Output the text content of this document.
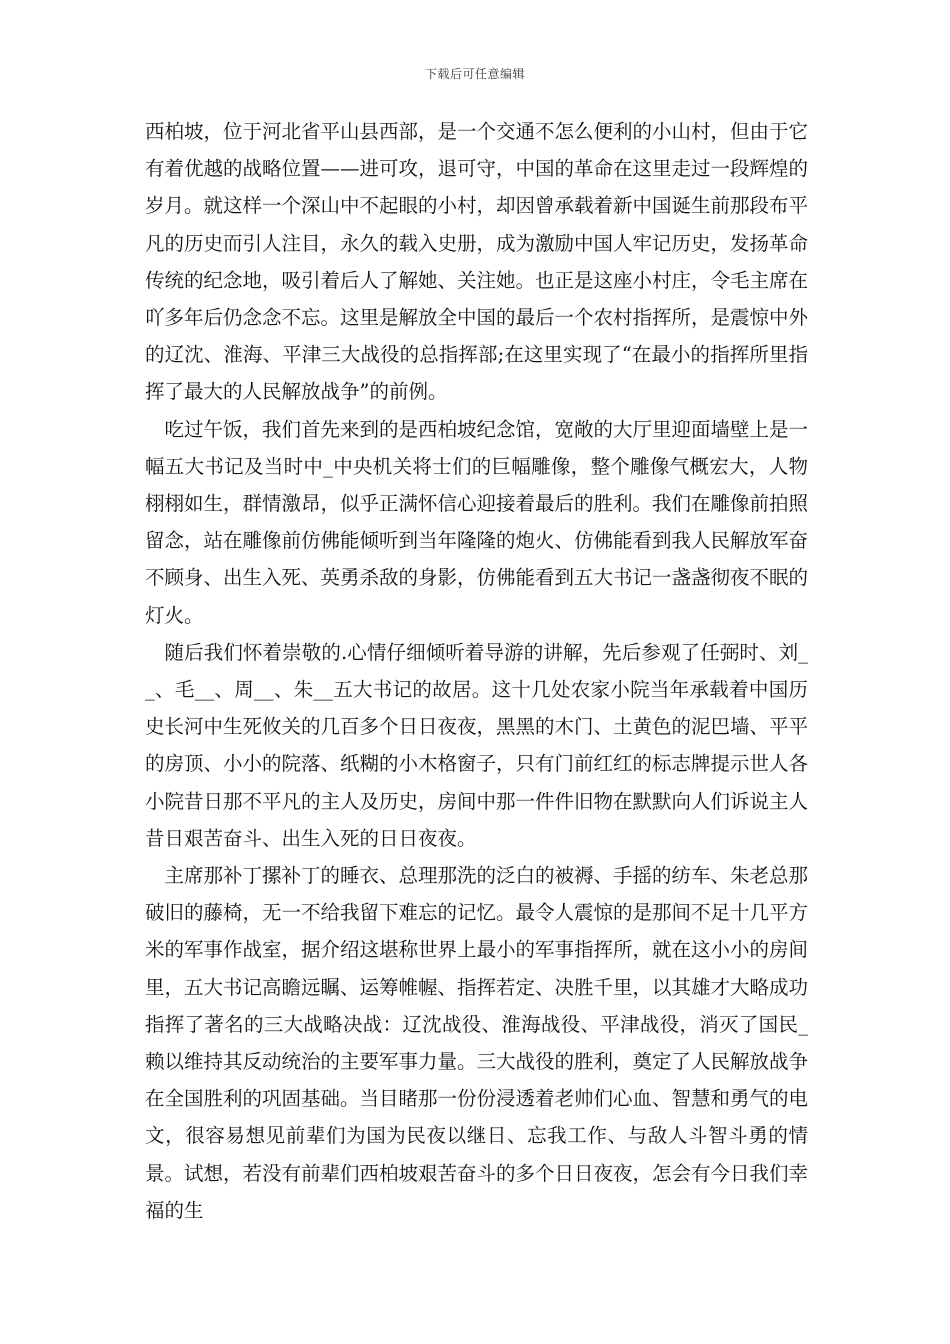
下载后可任意编辑

西柏坡，位于河北省平山县西部，是一个交通不怎么便利的小山村，但由于它有着优越的战略位置——进可攻，退可守，中国的革命在这里走过一段辉煌的岁月。就这样一个深山中不起眼的小村，却因曾承载着新中国诞生前那段布平凡的历史而引人注目，永久的载入史册，成为激励中国人牢记历史，发扬革命传统的纪念地，吸引着后人了解她、关注她。也正是这座小村庄，令毛主席在吖多年后仍念念不忘。这里是解放全中国的最后一个农村指挥所，是震惊中外的辽沈、淮海、平津三大战役的总指挥部;在这里实现了“在最小的指挥所里指挥了最大的人民解放战争”的前例。

吃过午饭，我们首先来到的是西柏坡纪念馆，宽敞的大厅里迎面墙壁上是一幅五大书记及当时中_中央机关将士们的巨幅雕像，整个雕像气概宏大，人物栩栩如生，群情激昂，似乎正满怀信心迎接着最后的胜利。我们在雕像前拍照留念，站在雕像前仿佛能倾听到当年隆隆的炮火、仿佛能看到我人民解放军奋不顾身、出生入死、英勇杀敌的身影，仿佛能看到五大书记一盏盏彻夜不眠的灯火。

随后我们怀着崇敬的.心情仔细倾听着导游的讲解，先后参观了任弼时、刘__、毛__、周__、朱__五大书记的故居。这十几处农家小院当年承载着中国历史长河中生死攸关的几百多个日日夜夜，黑黑的木门、土黄色的泥巴墙、平平的房顶、小小的院落、纸糊的小木格窗子，只有门前红红的标志牌提示世人各小院昔日那不平凡的主人及历史，房间中那一件件旧物在默默向人们诉说主人昔日艰苦奋斗、出生入死的日日夜夜。

主席那补丁摞补丁的睡衣、总理那洗的泛白的被褥、手摇的纺车、朱老总那破旧的藤椅，无一不给我留下难忘的记忆。最令人震惊的是那间不足十几平方米的军事作战室，据介绍这堪称世界上最小的军事指挥所，就在这小小的房间里，五大书记高瞻远瞩、运筹帷幄、指挥若定、决胜千里，以其雄才大略成功指挥了著名的三大战略决战：辽沈战役、淮海战役、平津战役，消灭了国民_赖以维持其反动统治的主要军事力量。三大战役的胜利，奠定了人民解放战争在全国胜利的巩固基础。当目睹那一份份浸透着老帅们心血、智慧和勇气的电文，很容易想见前辈们为国为民夜以继日、忘我工作、与敌人斗智斗勇的情景。试想，若没有前辈们西柏坡艰苦奋斗的多个日日夜夜，怎会有今日我们幸福的生
